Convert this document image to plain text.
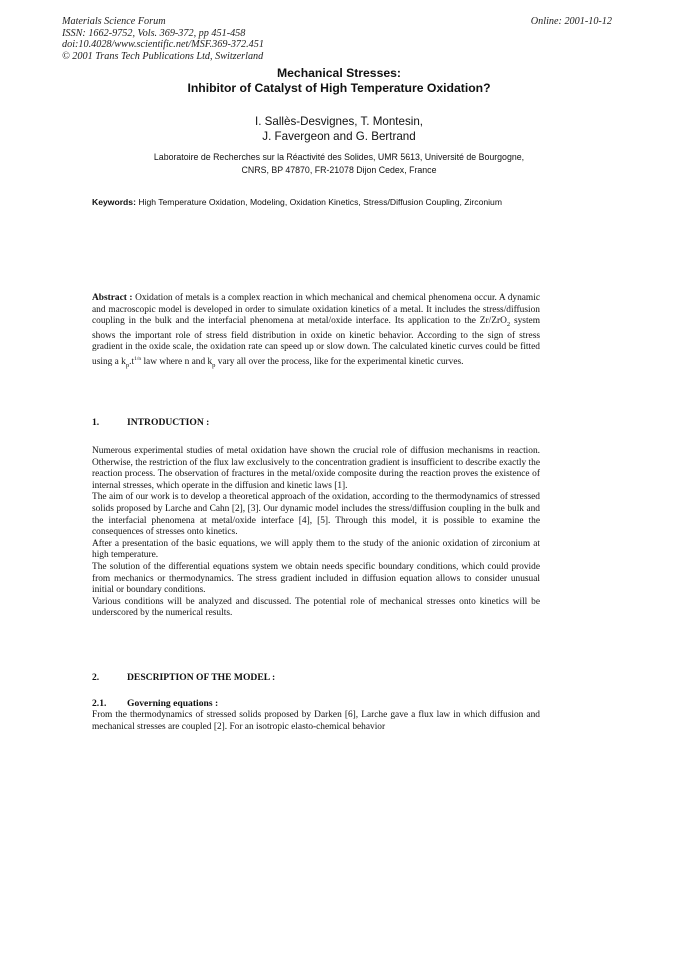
Materials Science Forum
ISSN: 1662-9752, Vols. 369-372, pp 451-458
doi:10.4028/www.scientific.net/MSF.369-372.451
© 2001 Trans Tech Publications Ltd, Switzerland
Online: 2001-10-12
Mechanical Stresses:
Inhibitor of Catalyst of High Temperature Oxidation?
I. Sallès-Desvignes, T. Montesin,
J. Favergeon and G. Bertrand
Laboratoire de Recherches sur la Réactivité des Solides, UMR 5613, Université de Bourgogne,
CNRS, BP 47870, FR-21078 Dijon Cedex, France
Keywords: High Temperature Oxidation, Modeling, Oxidation Kinetics, Stress/Diffusion Coupling, Zirconium
Abstract : Oxidation of metals is a complex reaction in which mechanical and chemical phenomena occur. A dynamic and macroscopic model is developed in order to simulate oxidation kinetics of a metal. It includes the stress/diffusion coupling in the bulk and the interfacial phenomena at metal/oxide interface. Its application to the Zr/ZrO$_2$ system shows the important role of stress field distribution in oxide on kinetic behavior. According to the sign of stress gradient in the oxide scale, the oxidation rate can speed up or slow down. The calculated kinetic curves could be fitted using a $k_p.t^{1/n}$ law where n and $k_p$ vary all over the process, like for the experimental kinetic curves.
1.	INTRODUCTION :

Numerous experimental studies of metal oxidation have shown the crucial role of diffusion mechanisms in reaction. Otherwise, the restriction of the flux law exclusively to the concentration gradient is insufficient to describe exactly the reaction process. The observation of fractures in the metal/oxide composite during the reaction proves the existence of internal stresses, which operate in the diffusion and kinetic laws [1].

The aim of our work is to develop a theoretical approach of the oxidation, according to the thermodynamics of stressed solids proposed by Larche and Cahn [2], [3]. Our dynamic model includes the stress/diffusion coupling in the bulk and the interfacial phenomena at metal/oxide interface [4], [5]. Through this model, it is possible to examine the consequences of stresses onto kinetics.

After a presentation of the basic equations, we will apply them to the study of the anionic oxidation of zirconium at high temperature.

The solution of the differential equations system we obtain needs specific boundary conditions, which could provide from mechanics or thermodynamics. The stress gradient included in diffusion equation allows to consider unusual initial or boundary conditions.

Various conditions will be analyzed and discussed. The potential role of mechanical stresses onto kinetics will be underscored by the numerical results.

2.	DESCRIPTION OF THE MODEL :
2.1. Governing equations :

From the thermodynamics of stressed solids proposed by Darken [6], Larche gave a flux law in which diffusion and mechanical stresses are coupled [2]. For an isotropic elasto-chemical behavior
